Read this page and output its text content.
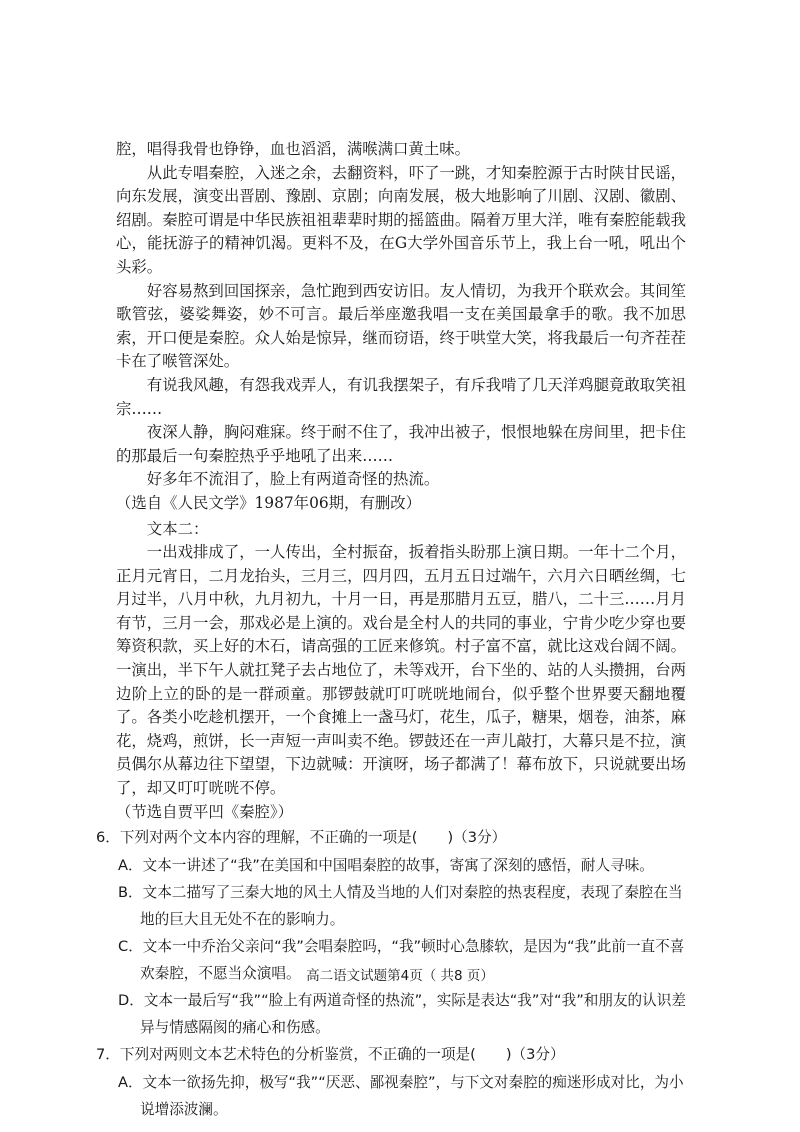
腔，唱得我骨也铮铮，血也滔滔，满喉满口黄土味。

从此专唱秦腔，入迷之余，去翻资料，吓了一跳，才知秦腔源于古时陕甘民谣，向东发展，演变出晋剧、豫剧、京剧；向南发展，极大地影响了川剧、汉剧、徽剧、绍剧。秦腔可谓是中华民族祖祖辈辈时期的摇篮曲。隔着万里大洋，唯有秦腔能载我心，能抚游子的精神饥渴。更料不及，在G大学外国音乐节上，我上台一吼，吼出个头彩。

好容易熬到回国探亲，急忙跑到西安访旧。友人情切，为我开个联欢会。其间笙歌管弦，婆娑舞姿，妙不可言。最后举座邀我唱一支在美国最拿手的歌。我不加思索，开口便是秦腔。众人始是惊异，继而窃语，终于哄堂大笑，将我最后一句齐茬茬卡在了喉管深处。

有说我风趣，有怨我戏弄人，有讥我摆架子，有斥我啃了几天洋鸡腿竟敢取笑祖宗……

夜深人静，胸闷难寐。终于耐不住了，我冲出被子，恨恨地躲在房间里，把卡住的那最后一句秦腔热乎乎地吼了出来……

好多年不流泪了，脸上有两道奇怪的热流。

（选自《人民文学》1987年06期，有删改）

文本二：

一出戏排成了，一人传出，全村振奋，扳着指头盼那上演日期。一年十二个月，正月元宵日，二月龙抬头，三月三，四月四，五月五日过端午，六月六日晒丝绸，七月过半，八月中秋，九月初九，十月一日，再是那腊月五豆，腊八，二十三……月月有节，三月一会，那戏必是上演的。戏台是全村人的共同的事业，宁肯少吃少穿也要筹资积款，买上好的木石，请高强的工匠来修筑。村子富不富，就比这戏台阔不阔。一演出，半下午人就扛凳子去占地位了，未等戏开，台下坐的、站的人头攒拥，台两边阶上立的卧的是一群顽童。那锣鼓就叮叮咣咣地闹台，似乎整个世界要天翻地覆了。各类小吃趁机摆开，一个食摊上一盏马灯，花生，瓜子，糖果，烟卷，油茶，麻花，烧鸡，煎饼，长一声短一声叫卖不绝。锣鼓还在一声儿敲打，大幕只是不拉，演员偶尔从幕边往下望望，下边就喊：开演呀，场子都满了！幕布放下，只说就要出场了，却又叮叮咣咣不停。

（节选自贾平凹《秦腔》）

6．下列对两个文本内容的理解，不正确的一项是( )（3分）

A．文本一讲述了“我”在美国和中国唱秦腔的故事，寄寓了深刻的感悟，耐人寻味。

B．文本二描写了三秦大地的风土人情及当地的人们对秦腔的热衷程度，表现了秦腔在当地的巨大且无处不在的影响力。

C．文本一中乔治父亲问“我”会唱秦腔吗，“我”顿时心急膝软，是因为“我”此前一直不喜欢秦腔，不愿当众演唱。

D．文本一最后写“我”“脸上有两道奇怪的热流”，实际是表达“我”对“我”和朋友的认识差异与情感隔阂的痛心和伤感。

7．下列对两则文本艺术特色的分析鉴赏，不正确的一项是( )（3分）

A．文本一欲扬先抑，极写“我”“厌恶、鄙视秦腔”，与下文对秦腔的痴迷形成对比，为小说增添波澜。

高二语文试题第4页（ 共8 页）
